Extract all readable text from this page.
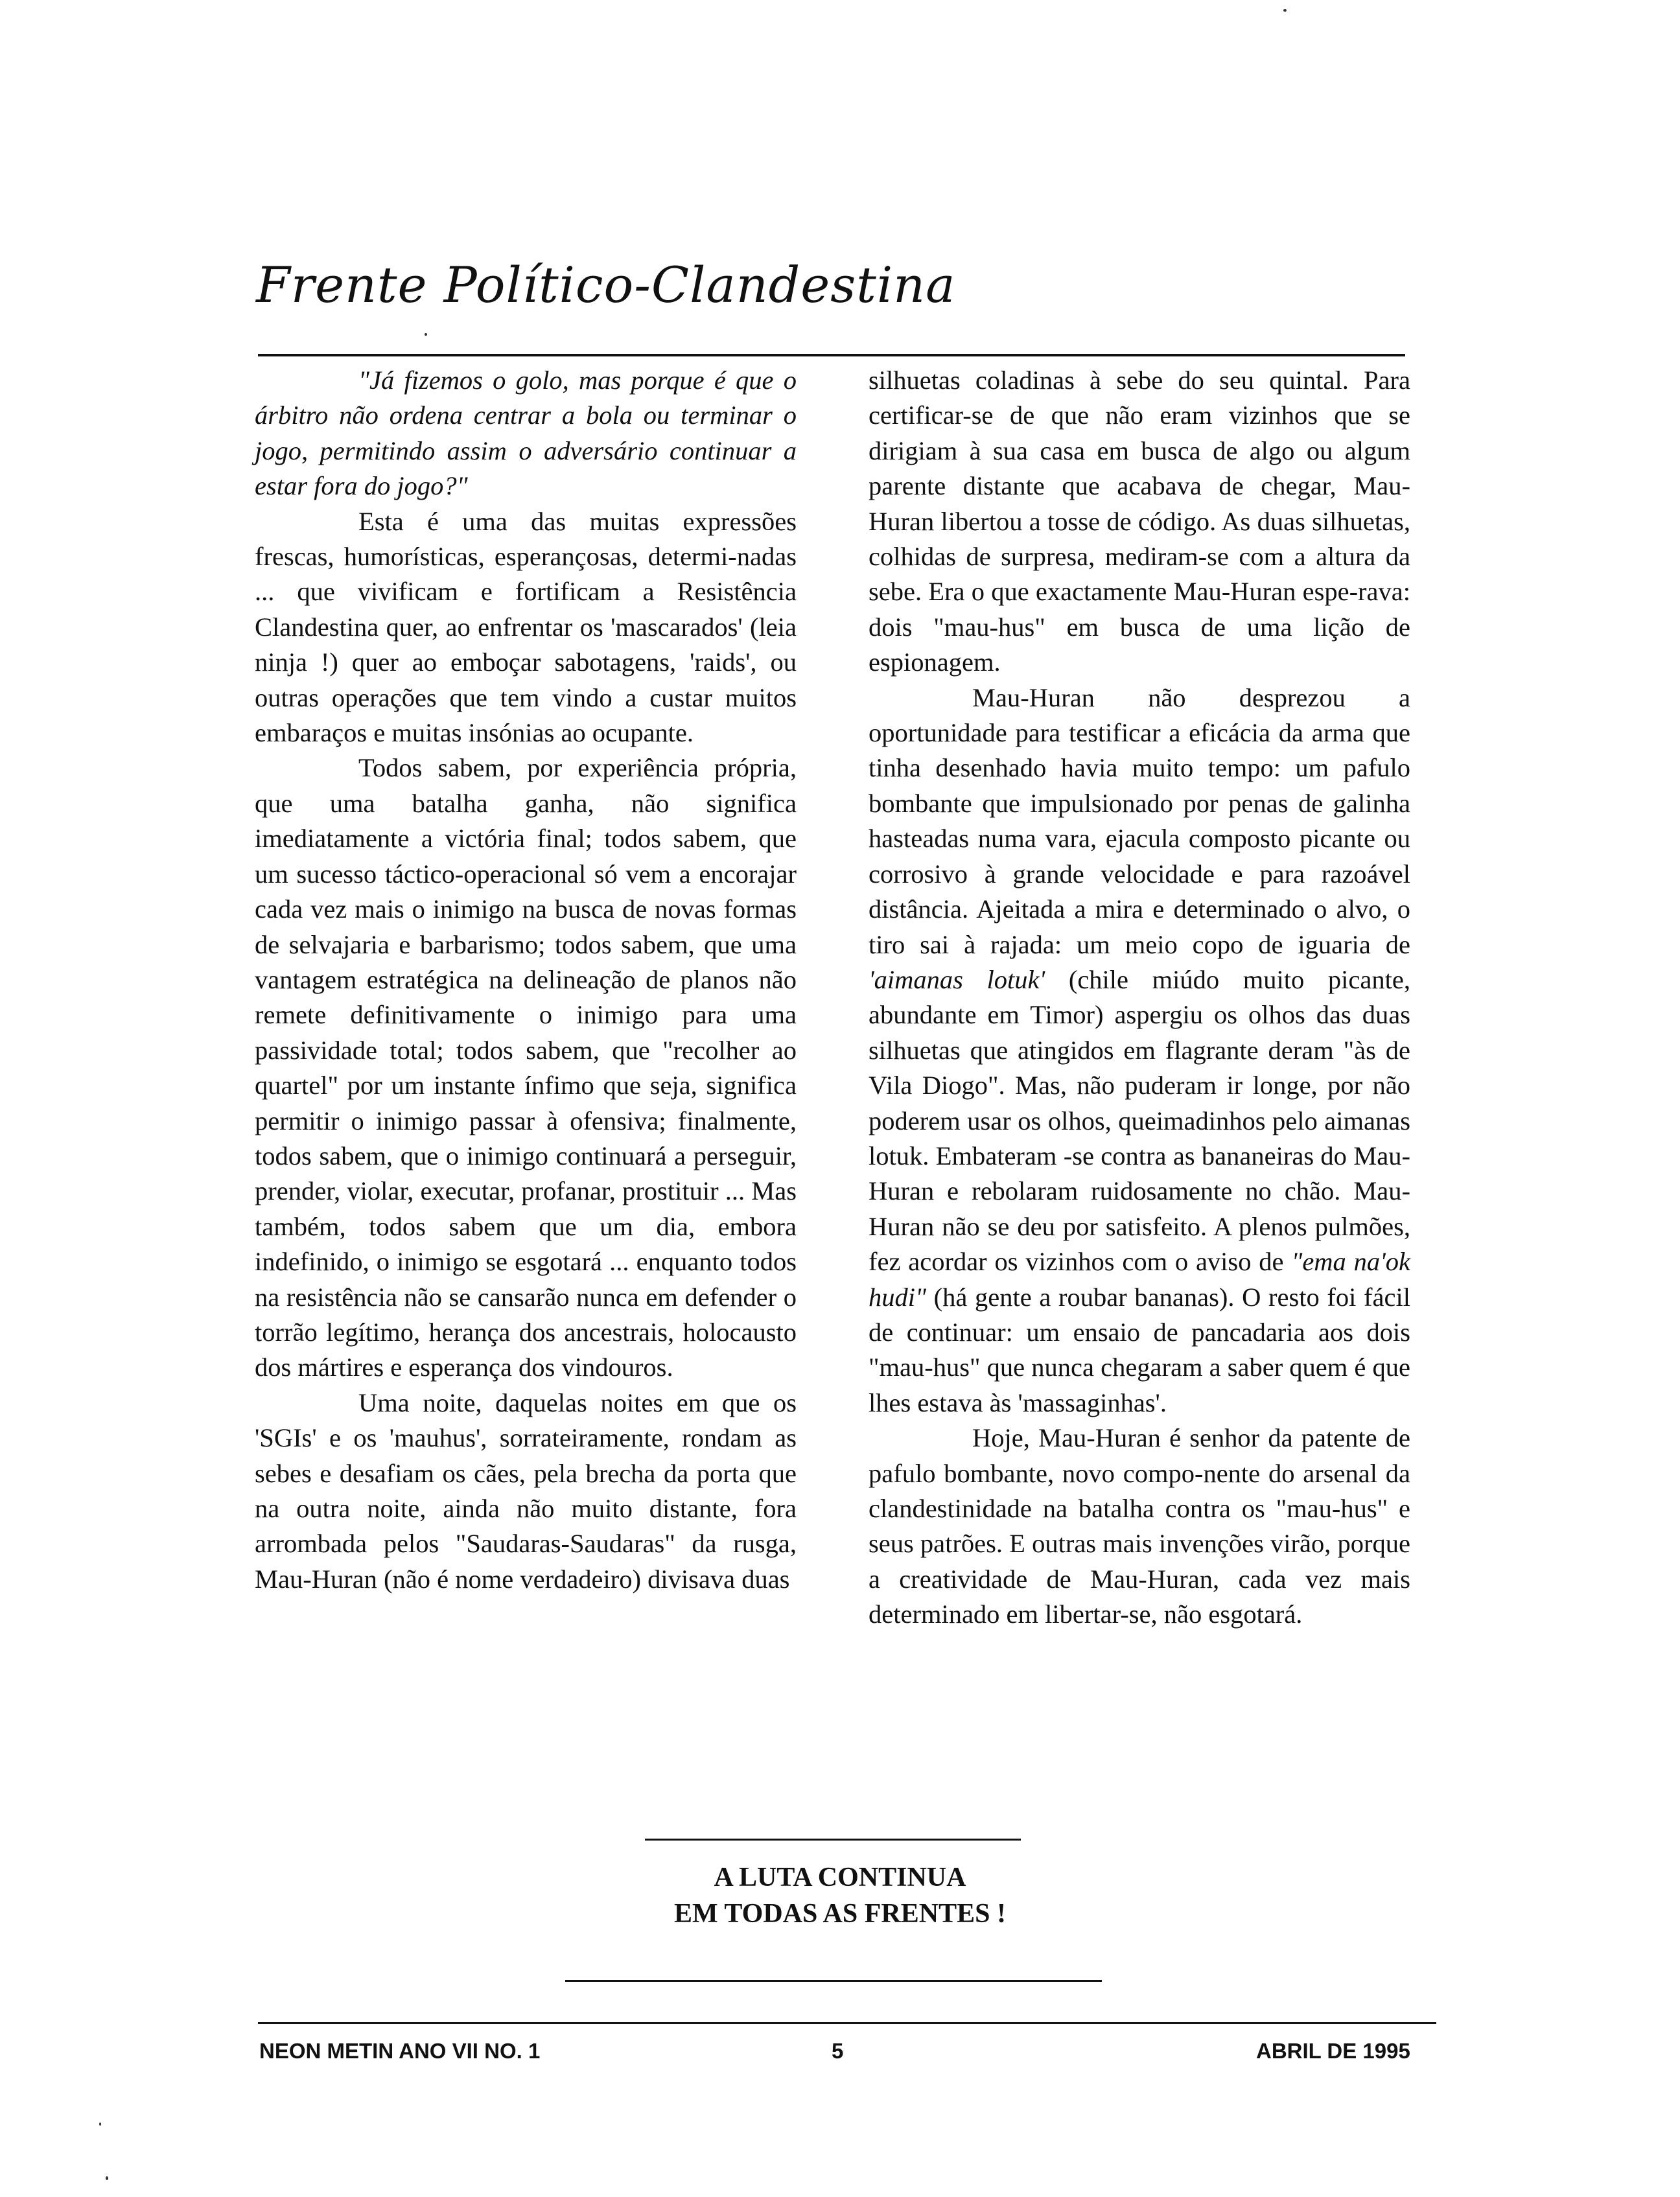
Frente Político-Clandestina

"Já fizemos o golo, mas porque é que o árbitro não ordena centrar a bola ou terminar o jogo, permitindo assim o adversário continuar a estar fora do jogo?"

Esta é uma das muitas expressões frescas, humorísticas, esperançosas, determi-nadas ... que vivificam e fortificam a Resistência Clandestina quer, ao enfrentar os 'mascarados' (leia ninja !) quer ao emboçar sabotagens, 'raids', ou outras operações que tem vindo a custar muitos embaraços e muitas insónias ao ocupante.

Todos sabem, por experiência própria, que uma batalha ganha, não significa imediatamente a victória final; todos sabem, que um sucesso táctico-operacional só vem a encorajar cada vez mais o inimigo na busca de novas formas de selvajaria e barbarismo; todos sabem, que uma vantagem estratégica na delineação de planos não remete definitivamente o inimigo para uma passividade total; todos sabem, que "recolher ao quartel" por um instante ínfimo que seja, significa permitir o inimigo passar à ofensiva; finalmente, todos sabem, que o inimigo continuará a perseguir, prender, violar, executar, profanar, prostituir ... Mas também, todos sabem que um dia, embora indefinido, o inimigo se esgotará ... enquanto todos na resistência não se cansarão nunca em defender o torrão legítimo, herança dos ancestrais, holocausto dos mártires e esperança dos vindouros.

Uma noite, daquelas noites em que os 'SGIs' e os 'mauhus', sorrateiramente, rondam as sebes e desafiam os cães, pela brecha da porta que na outra noite, ainda não muito distante, fora arrombada pelos "Saudaras-Saudaras" da rusga, Mau-Huran (não é nome verdadeiro) divisava duas

silhuetas coladinas à sebe do seu quintal. Para certificar-se de que não eram vizinhos que se dirigiam à sua casa em busca de algo ou algum parente distante que acabava de chegar, Mau-Huran libertou a tosse de código. As duas silhuetas, colhidas de surpresa, mediram-se com a altura da sebe. Era o que exactamente Mau-Huran espe-rava: dois "mau-hus" em busca de uma lição de espionagem.

Mau-Huran não desprezou a oportunidade para testificar a eficácia da arma que tinha desenhado havia muito tempo: um pafulo bombante que impulsionado por penas de galinha hasteadas numa vara, ejacula composto picante ou corrosivo à grande velocidade e para razoável distância. Ajeitada a mira e determinado o alvo, o tiro sai à rajada: um meio copo de iguaria de 'aimanas lotuk' (chile miúdo muito picante, abundante em Timor) aspergiu os olhos das duas silhuetas que atingidos em flagrante deram "às de Vila Diogo". Mas, não puderam ir longe, por não poderem usar os olhos, queimadinhos pelo aimanas lotuk. Embateram -se contra as bananeiras do Mau-Huran e rebolaram ruidosamente no chão. Mau-Huran não se deu por satisfeito. A plenos pulmões, fez acordar os vizinhos com o aviso de "ema na'ok hudi" (há gente a roubar bananas). O resto foi fácil de continuar: um ensaio de pancadaria aos dois "mau-hus" que nunca chegaram a saber quem é que lhes estava às 'massaginhas'.

Hoje, Mau-Huran é senhor da patente de pafulo bombante, novo compo-nente do arsenal da clandestinidade na batalha contra os "mau-hus" e seus patrões. E outras mais invenções virão, porque a creatividade de Mau-Huran, cada vez mais determinado em libertar-se, não esgotará.

A LUTA CONTINUA
EM TODAS AS FRENTES !
NEON METIN ANO VII NO. 1	5	ABRIL DE 1995
